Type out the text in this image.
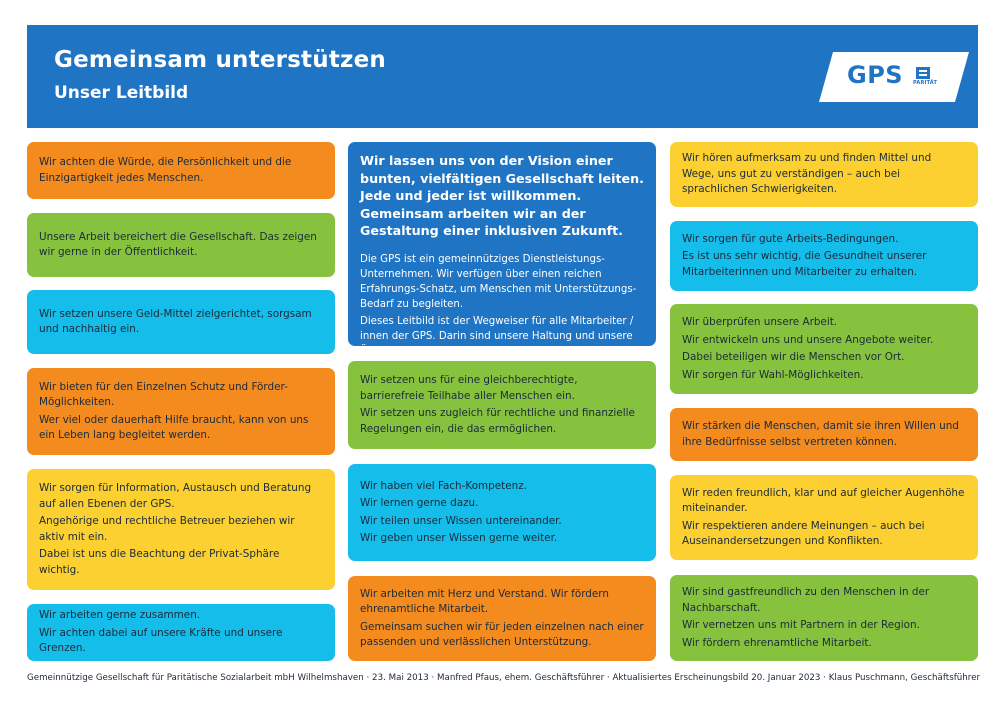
Gemeinsam unterstützen
Unser Leitbild
GPS PARITÄT

Wir achten die Würde, die Persönlichkeit und die Einzigartigkeit jedes Menschen.

Unsere Arbeit bereichert die Gesellschaft. Das zeigen wir gerne in der Öffentlichkeit.

Wir setzen unsere Geld-Mittel zielgerichtet, sorgsam und nachhaltig ein.

Wir bieten für den Einzelnen Schutz und Förder-Möglichkeiten.

Wer viel oder dauerhaft Hilfe braucht, kann von uns ein Leben lang begleitet werden.

Wir sorgen für Information, Austausch und Beratung auf allen Ebenen der GPS.

Angehörige und rechtliche Betreuer beziehen wir aktiv mit ein.

Dabei ist uns die Beachtung der Privat-Sphäre wichtig.

Wir arbeiten gerne zusammen.

Wir achten dabei auf unsere Kräfte und unsere Grenzen.

Wir lassen uns von der Vision einer bunten, vielfältigen Gesellschaft leiten. Jede und jeder ist willkommen. Gemeinsam arbeiten wir an der Gestaltung einer inklusiven Zukunft.

Die GPS ist ein gemeinnütziges Dienstleistungs-Unternehmen. Wir verfügen über einen reichen Erfahrungs-Schatz, um Menschen mit Unterstützungs-Bedarf zu begleiten.

Dieses Leitbild ist der Wegweiser für alle Mitarbeiter / innen der GPS. Darin sind unsere Haltung und unsere Überzeugungen beschrieben.

Wir setzen uns für eine gleichberechtigte, barrierefreie Teilhabe aller Menschen ein.

Wir setzen uns zugleich für rechtliche und finanzielle Regelungen ein, die das ermöglichen.

Wir haben viel Fach-Kompetenz.

Wir lernen gerne dazu.

Wir teilen unser Wissen untereinander.

Wir geben unser Wissen gerne weiter.

Wir arbeiten mit Herz und Verstand. Wir fördern ehrenamtliche Mitarbeit.

Gemeinsam suchen wir für jeden einzelnen nach einer passenden und verlässlichen Unterstützung.

Wir hören aufmerksam zu und finden Mittel und Wege, uns gut zu verständigen – auch bei sprachlichen Schwierigkeiten.

Wir sorgen für gute Arbeits-Bedingungen.

Es ist uns sehr wichtig, die Gesundheit unserer Mitarbeiterinnen und Mitarbeiter zu erhalten.

Wir überprüfen unsere Arbeit.

Wir entwickeln uns und unsere Angebote weiter.

Dabei beteiligen wir die Menschen vor Ort.

Wir sorgen für Wahl-Möglichkeiten.

Wir stärken die Menschen, damit sie ihren Willen und ihre Bedürfnisse selbst vertreten können.

Wir reden freundlich, klar und auf gleicher Augenhöhe miteinander.

Wir respektieren andere Meinungen – auch bei Auseinandersetzungen und Konflikten.

Wir sind gastfreundlich zu den Menschen in der Nachbarschaft.

Wir vernetzen uns mit Partnern in der Region.

Wir fördern ehrenamtliche Mitarbeit.

Gemeinnützige Gesellschaft für Paritätische Sozialarbeit mbH Wilhelmshaven · 23. Mai 2013 · Manfred Pfaus, ehem. Geschäftsführer · Aktualisiertes Erscheinungsbild 20. Januar 2023 · Klaus Puschmann, Geschäftsführer
